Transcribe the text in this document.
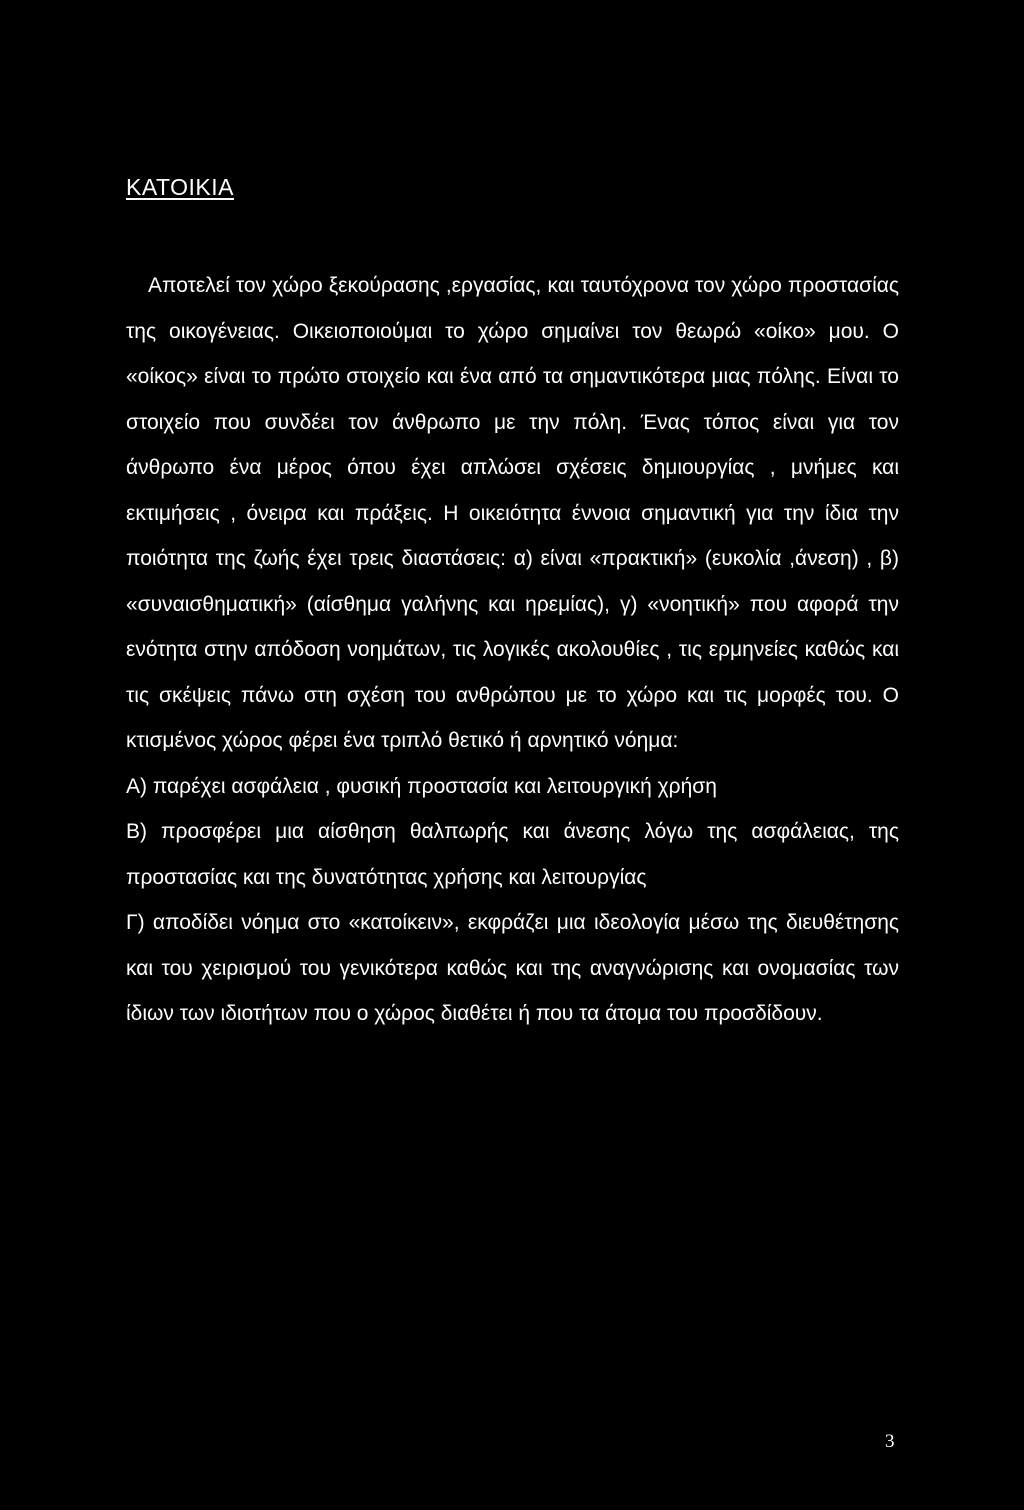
ΚΑΤΟΙΚΙΑ

Αποτελεί τον χώρο ξεκούρασης ,εργασίας, και ταυτόχρονα τον χώρο προστασίας της οικογένειας. Οικειοποιούμαι το χώρο σημαίνει τον θεωρώ «οίκο» μου. Ο «οίκος» είναι το πρώτο στοιχείο και ένα από τα σημαντικότερα μιας πόλης. Είναι το στοιχείο που συνδέει τον άνθρωπο με την πόλη. Ένας τόπος είναι για τον άνθρωπο ένα μέρος όπου έχει απλώσει σχέσεις δημιουργίας , μνήμες και εκτιμήσεις , όνειρα και πράξεις. Η οικειότητα έννοια σημαντική για την ίδια την ποιότητα της ζωής έχει τρεις διαστάσεις: α) είναι «πρακτική» (ευκολία ,άνεση) , β) «συναισθηματική» (αίσθημα γαλήνης και ηρεμίας), γ) «νοητική» που αφορά την ενότητα στην απόδοση νοημάτων, τις λογικές ακολουθίες , τις ερμηνείες καθώς και τις σκέψεις πάνω στη σχέση του ανθρώπου με το χώρο και τις μορφές του. Ο κτισμένος χώρος φέρει ένα τριπλό θετικό ή αρνητικό νόημα:

Α) παρέχει ασφάλεια , φυσική προστασία και λειτουργική χρήση

Β) προσφέρει μια αίσθηση θαλπωρής και άνεσης λόγω της ασφάλειας, της προστασίας και της δυνατότητας χρήσης και λειτουργίας

Γ) αποδίδει νόημα στο «κατοίκειν», εκφράζει μια ιδεολογία μέσω της διευθέτησης και του χειρισμού του γενικότερα καθώς και της αναγνώρισης και ονομασίας των ίδιων των ιδιοτήτων που ο χώρος διαθέτει ή που τα άτομα του προσδίδουν.

3
